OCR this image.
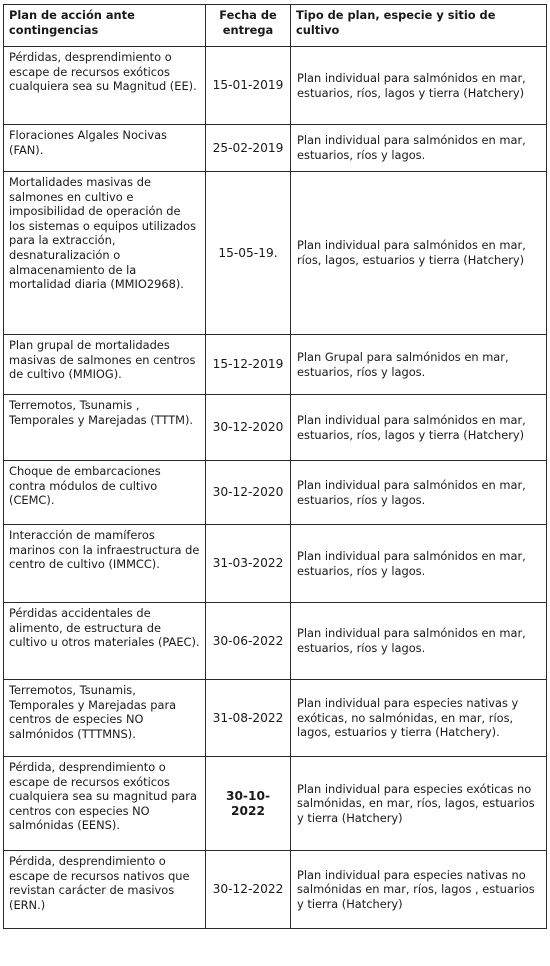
Plan de acción ante contingencias	Fecha de entrega	Tipo de plan, especie y sitio de cultivo
Pérdidas, desprendimiento o escape de recursos exóticos cualquiera sea su Magnitud (EE).	15-01-2019	Plan individual para salmónidos en mar, estuarios, ríos, lagos y tierra (Hatchery)
Floraciones Algales Nocivas (FAN).	25-02-2019	Plan individual para salmónidos en mar, estuarios, ríos y lagos.
Mortalidades masivas de salmones en cultivo e imposibilidad de operación de los sistemas o equipos utilizados para la extracción, desnaturalización o almacenamiento de la mortalidad diaria (MMIO2968).	15-05-19.	Plan individual para salmónidos en mar, ríos, lagos, estuarios y tierra (Hatchery)
Plan grupal de mortalidades masivas de salmones en centros de cultivo (MMIOG).	15-12-2019	Plan Grupal para salmónidos en mar, estuarios, ríos y lagos.
Terremotos, Tsunamis , Temporales y Marejadas (TTTM).	30-12-2020	Plan individual para salmónidos en mar, estuarios, ríos, lagos y tierra (Hatchery)
Choque de embarcaciones contra módulos de cultivo (CEMC).	30-12-2020	Plan individual para salmónidos en mar, estuarios, ríos y lagos.
Interacción de mamíferos marinos con la infraestructura de centro de cultivo (IMMCC).	31-03-2022	Plan individual para salmónidos en mar, estuarios, ríos y lagos.
Pérdidas accidentales de alimento, de estructura de cultivo u otros materiales (PAEC).	30-06-2022	Plan individual para salmónidos en mar, estuarios, ríos y lagos.
Terremotos, Tsunamis, Temporales y Marejadas para centros de especies NO salmónidos (TTTMNS).	31-08-2022	Plan individual para especies nativas y exóticas, no salmónidas, en mar, ríos, lagos, estuarios y tierra (Hatchery).
Pérdida, desprendimiento o escape de recursos exóticos cualquiera sea su magnitud para centros con especies NO salmónidas (EENS).	30-10-2022	Plan individual para especies exóticas no salmónidas, en mar, ríos, lagos, estuarios y tierra (Hatchery)
Pérdida, desprendimiento o escape de recursos nativos que revistan carácter de masivos (ERN.)	30-12-2022	Plan individual para especies nativas no salmónidas en mar, ríos, lagos , estuarios y tierra (Hatchery)
